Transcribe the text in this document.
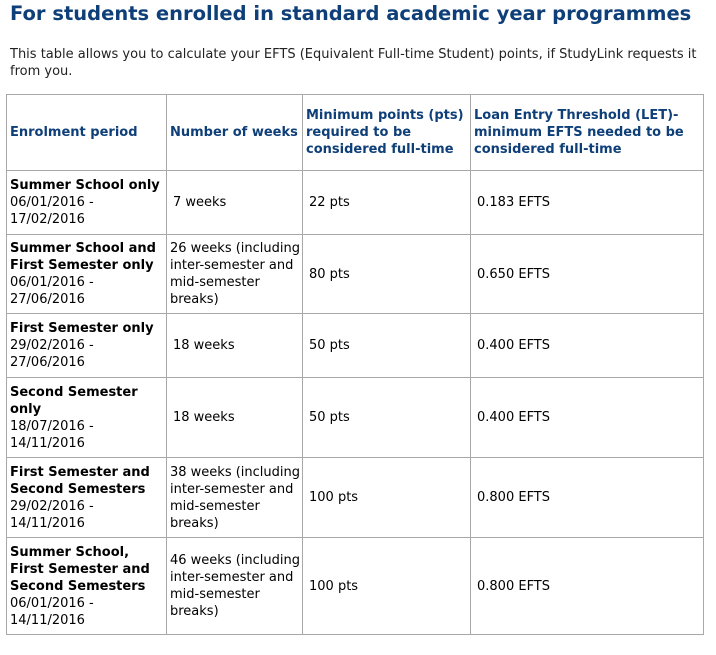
For students enrolled in standard academic year programmes

This table allows you to calculate your EFTS (Equivalent Full-time Student) points, if StudyLink requests it from you.

Enrolment period	Number of weeks	Minimum points (pts) required to be considered full-time	Loan Entry Threshold (LET)- minimum EFTS needed to be considered full-time

Summer School only
06/01/2016 - 17/02/2016	7 weeks	22 pts	0.183 EFTS

Summer School and First Semester only
06/01/2016 - 27/06/2016	26 weeks (including inter-semester and mid-semester breaks)	80 pts	0.650 EFTS

First Semester only
29/02/2016 - 27/06/2016	18 weeks	50 pts	0.400 EFTS

Second Semester only
18/07/2016 - 14/11/2016	18 weeks	50 pts	0.400 EFTS

First Semester and Second Semesters
29/02/2016 - 14/11/2016	38 weeks (including inter-semester and mid-semester breaks)	100 pts	0.800 EFTS

Summer School, First Semester and Second Semesters
06/01/2016 - 14/11/2016	46 weeks (including inter-semester and mid-semester breaks)	100 pts	0.800 EFTS
